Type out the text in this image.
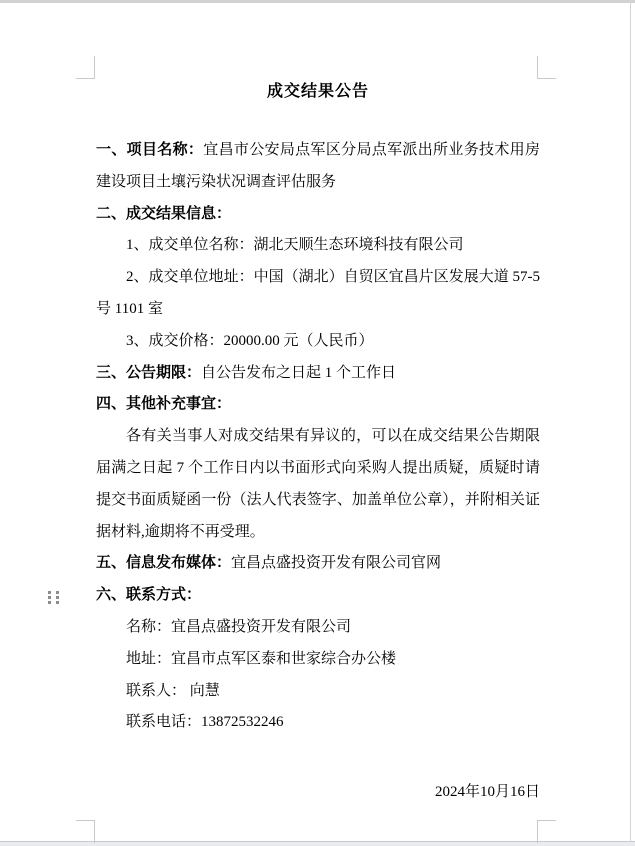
成交结果公告

一、项目名称：宜昌市公安局点军区分局点军派出所业务技术用房建设项目土壤污染状况调查评估服务

二、成交结果信息：

1、成交单位名称：湖北天顺生态环境科技有限公司

2、成交单位地址：中国（湖北）自贸区宜昌片区发展大道 57-5 号 1101 室

3、成交价格：20000.00 元（人民币）

三、公告期限：自公告发布之日起 1 个工作日

四、其他补充事宜：

各有关当事人对成交结果有异议的，可以在成交结果公告期限届满之日起 7 个工作日内以书面形式向采购人提出质疑，质疑时请提交书面质疑函一份（法人代表签字、加盖单位公章），并附相关证据材料,逾期将不再受理。

五、信息发布媒体：宜昌点盛投资开发有限公司官网

六、联系方式：

名称：宜昌点盛投资开发有限公司

地址：宜昌市点军区泰和世家综合办公楼

联系人： 向慧

联系电话：13872532246

2024年10月16日
